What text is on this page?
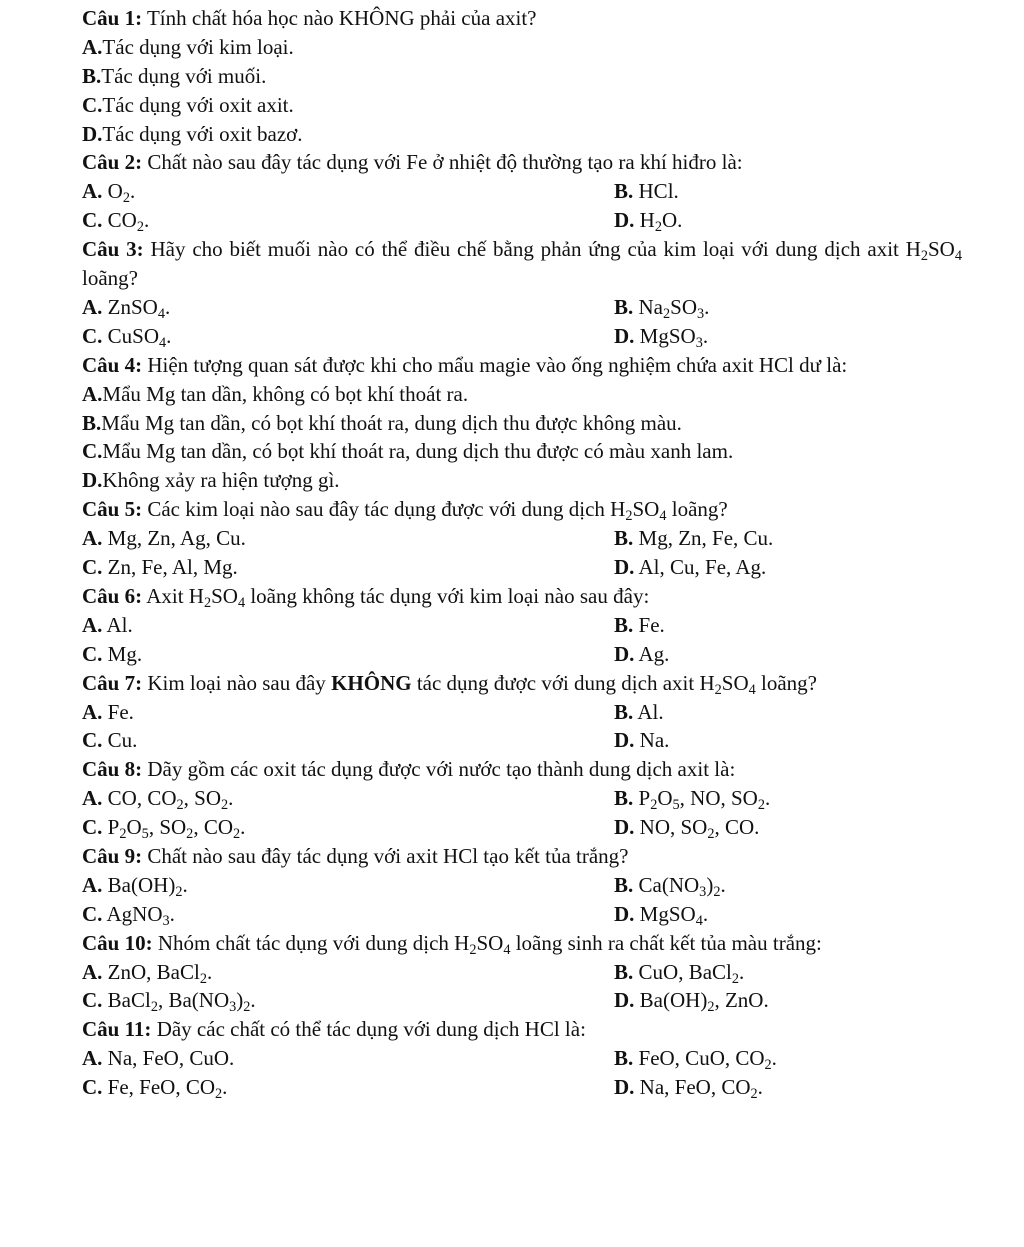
Câu 1: Tính chất hóa học nào KHÔNG phải của axit?
A.Tác dụng với kim loại.
B.Tác dụng với muối.
C.Tác dụng với oxit axit.
D.Tác dụng với oxit bazơ.
Câu 2: Chất nào sau đây tác dụng với Fe ở nhiệt độ thường tạo ra khí hiđro là:
A. $O_2$.	B. HCl.
C. $CO_2$.	D. $H_2O$.
Câu 3: Hãy cho biết muối nào có thể điều chế bằng phản ứng của kim loại với dung dịch axit $H_2SO_4$ loãng?
A. ZnSO$_4$.	B. $Na_2SO_3$.
C. CuSO$_4$.	D. MgSO$_3$.
Câu 4: Hiện tượng quan sát được khi cho mẩu magie vào ống nghiệm chứa axit HCl dư là:
A.Mẩu Mg tan dần, không có bọt khí thoát ra.
B.Mẩu Mg tan dần, có bọt khí thoát ra, dung dịch thu được không màu.
C.Mẩu Mg tan dần, có bọt khí thoát ra, dung dịch thu được có màu xanh lam.
D.Không xảy ra hiện tượng gì.
Câu 5: Các kim loại nào sau đây tác dụng được với dung dịch $H_2SO_4$ loãng?
A. Mg, Zn, Ag, Cu.	B. Mg, Zn, Fe, Cu.
C. Zn, Fe, Al, Mg.	D. Al, Cu, Fe, Ag.
Câu 6: Axit $H_2SO_4$ loãng không tác dụng với kim loại nào sau đây:
A. Al.	B. Fe.
C. Mg.	D. Ag.
Câu 7: Kim loại nào sau đây KHÔNG tác dụng được với dung dịch axit $H_2SO_4$ loãng?
A. Fe.	B. Al.
C. Cu.	D. Na.
Câu 8: Dãy gồm các oxit tác dụng được với nước tạo thành dung dịch axit là:
A. CO, $CO_2$, $SO_2$.	B. $P_2O_5$, NO, $SO_2$.
C. $P_2O_5$, $SO_2$, $CO_2$.	D. NO, $SO_2$, CO.
Câu 9: Chất nào sau đây tác dụng với axit HCl tạo kết tủa trắng?
A. $Ba(OH)_2$.	B. $Ca(NO_3)_2$.
C. AgNO$_3$.	D. MgSO$_4$.
Câu 10: Nhóm chất tác dụng với dung dịch $H_2SO_4$ loãng sinh ra chất kết tủa màu trắng:
A. ZnO, BaCl$_2$.	B. CuO, BaCl$_2$.
C. BaCl$_2$, $Ba(NO_3)_2$.	D. $Ba(OH)_2$, ZnO.
Câu 11: Dãy các chất có thể tác dụng với dung dịch HCl là:
A. Na, FeO, CuO.	B. FeO, CuO, $CO_2$.
C. Fe, FeO, $CO_2$.	D. Na, FeO, $CO_2$.
